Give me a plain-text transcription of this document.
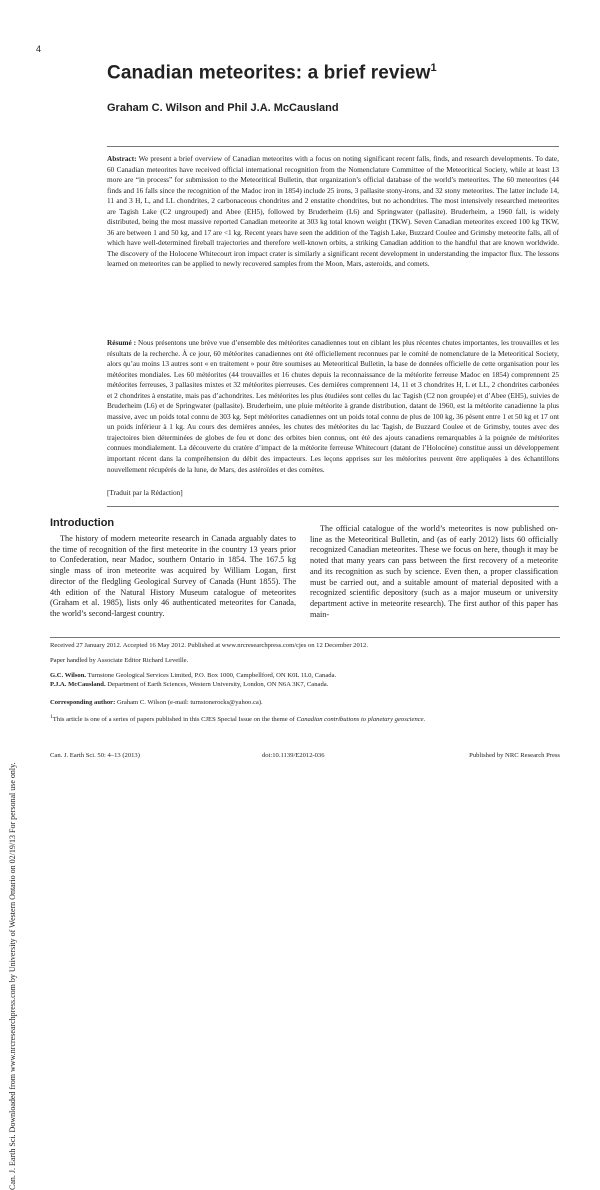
4
Canadian meteorites: a brief review$^1$
Graham C. Wilson and Phil J.A. McCausland
Can. J. Earth Sci. Downloaded from www.nrcresearchpress.com by University of Western Ontario on 02/19/13 For personal use only.
Abstract: We present a brief overview of Canadian meteorites with a focus on noting significant recent falls, finds, and research developments. To date, 60 Canadian meteorites have received official international recognition from the Nomenclature Committee of the Meteoritical Society, while at least 13 more are “in process” for submission to the Meteoritical Bulletin, that organization’s official database of the world’s meteorites. The 60 meteorites (44 finds and 16 falls since the recognition of the Madoc iron in 1854) include 25 irons, 3 pallasite stony-irons, and 32 stony meteorites. The latter include 14, 11 and 3 H, L, and LL chondrites, 2 carbonaceous chondrites and 2 enstatite chondrites, but no achondrites. The most intensively researched meteorites are Tagish Lake (C2 ungrouped) and Abee (EH5), followed by Bruderheim (L6) and Springwater (pallasite). Bruderheim, a 1960 fall, is widely distributed, being the most massive reported Canadian meteorite at 303 kg total known weight (TKW). Seven Canadian meteorites exceed 100 kg TKW, 36 are between 1 and 50 kg, and 17 are <1 kg. Recent years have seen the addition of the Tagish Lake, Buzzard Coulee and Grimsby meteorite falls, all of which have well-determined fireball trajectories and therefore well-known orbits, a striking Canadian addition to the handful that are known worldwide. The discovery of the Holocene Whitecourt iron impact crater is similarly a significant recent development in understanding the impactor flux. The lessons learned on meteorites can be applied to newly recovered samples from the Moon, Mars, asteroids, and comets.
Résumé : Nous présentons une brève vue d’ensemble des météorites canadiennes tout en ciblant les plus récentes chutes importantes, les trouvailles et les résultats de la recherche. À ce jour, 60 météorites canadiennes ont été officiellement reconnues par le comité de nomenclature de la Meteoritical Society, alors qu’au moins 13 autres sont « en traitement » pour être soumises au Meteoritical Bulletin, la base de données officielle de cette organisation pour les météorites mondiales. Les 60 météorites (44 trouvailles et 16 chutes depuis la reconnaissance de la météorite ferreuse Madoc en 1854) comprennent 25 météorites ferreuses, 3 pallasites mixtes et 32 météorites pierreuses. Ces dernières comprennent 14, 11 et 3 chondrites H, L et LL, 2 chondrites carbonées et 2 chondrites à enstatite, mais pas d’achondrites. Les météorites les plus étudiées sont celles du lac Tagish (C2 non groupée) et d’Abee (EH5), suivies de Bruderheim (L6) et de Springwater (pallasite). Bruderheim, une pluie météorite à grande distribution, datant de 1960, est la météorite canadienne la plus massive, avec un poids total connu de 303 kg. Sept météorites canadiennes ont un poids total connu de plus de 100 kg, 36 pèsent entre 1 et 50 kg et 17 ont un poids inférieur à 1 kg. Au cours des dernières années, les chutes des météorites du lac Tagish, de Buzzard Coulee et de Grimsby, toutes avec des trajectoires bien déterminées de globes de feu et donc des orbites bien connus, ont été des ajouts canadiens remarquables à la poignée de météorites connues mondialement. La découverte du cratère d’impact de la météorite ferreuse Whitecourt (datant de l’Holocène) constitue aussi un développement important récent dans la compréhension du débit des impacteurs. Les leçons apprises sur les météorites peuvent être appliquées à des échantillons nouvellement récupérés de la lune, de Mars, des astéroïdes et des comètes.
[Traduit par la Rédaction]
Introduction
The history of modern meteorite research in Canada arguably dates to the time of recognition of the first meteorite in the country 13 years prior to Confederation, near Madoc, southern Ontario in 1854. The 167.5 kg single mass of iron meteorite was acquired by William Logan, first director of the fledgling Geological Survey of Canada (Hunt 1855). The 4th edition of the Natural History Museum catalogue of meteorites (Graham et al. 1985), lists only 46 authenticated meteorites for Canada, the world’s second-largest country.
The official catalogue of the world’s meteorites is now published on-line as the Meteoritical Bulletin, and (as of early 2012) lists 60 officially recognized Canadian meteorites. These we focus on here, though it may be noted that many years can pass between the first recovery of a meteorite and its recognition as such by science. Even then, a proper classification must be carried out, and a suitable amount of material deposited with a recognized scientific depository (such as a major museum or university department active in meteorite research). The first author of this paper has main-
Received 27 January 2012. Accepted 16 May 2012. Published at www.nrcresearchpress.com/cjes on 12 December 2012.
Paper handled by Associate Editor Richard Leveille.
G.C. Wilson. Turnstone Geological Services Limited, P.O. Box 1000, Campbellford, ON K0L 1L0, Canada.
P.J.A. McCausland. Department of Earth Sciences, Western University, London, ON N6A 3K7, Canada.
Corresponding author: Graham C. Wilson (e-mail: turnstonerocks@yahoo.ca).
$^1$This article is one of a series of papers published in this CJES Special Issue on the theme of Canadian contributions to planetary geoscience.
Can. J. Earth Sci. 50: 4–13 (2013)	doi:10.1139/E2012-036	Published by NRC Research Press
